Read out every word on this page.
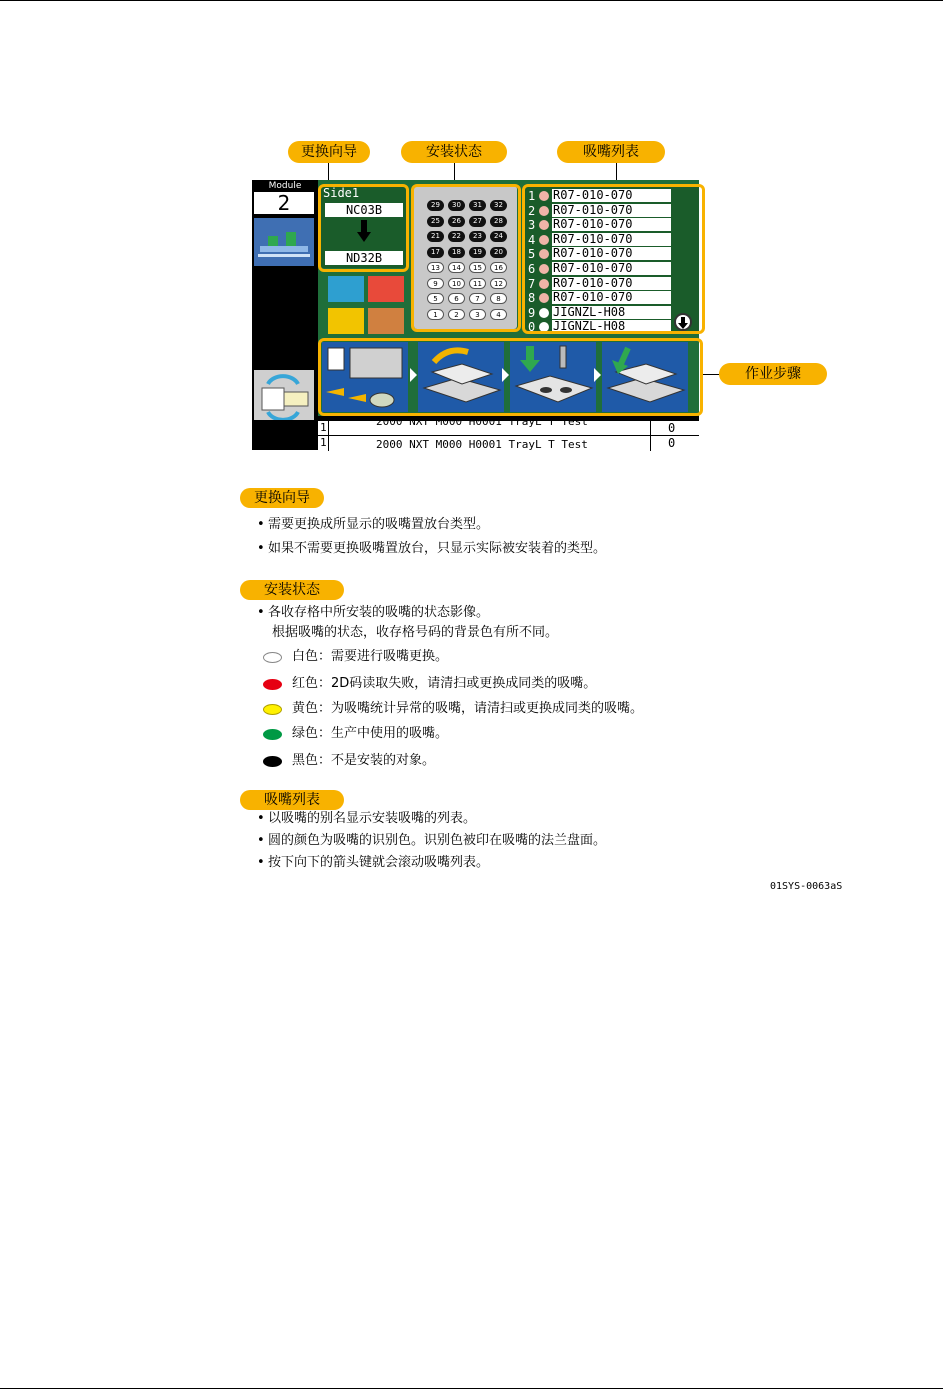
更换向导	安装状态	吸嘴列表
作业步骤
Module
2	Side1
NC03B
ND32B
29	30	31	32
25	26	27	28
21	22	23	24
17	18	19	20
13	14	15	16
9	10	11	12
5	6	7	8
1	2	3	4
1 R07-010-070
2 R07-010-070
3 R07-010-070
4 R07-010-070
5 R07-010-070
6 R07-010-070
7 R07-010-070
8 R07-010-070
9 JIGNZL-H08
0 JIGNZL-H08
1	2000 NXT M000 H0001 TrayL T Test	0
1	2000 NXT M000 H0001 TrayL T Test	0
更换向导
• 需要更换成所显示的吸嘴置放台类型。
• 如果不需要更换吸嘴置放台，只显示实际被安装着的类型。
安装状态
• 各收存格中所安装的吸嘴的状态影像。
根据吸嘴的状态，收存格号码的背景色有所不同。
白色：需要进行吸嘴更换。
红色：2D码读取失败，请清扫或更换成同类的吸嘴。
黄色：为吸嘴统计异常的吸嘴，请清扫或更换成同类的吸嘴。
绿色：生产中使用的吸嘴。
黑色：不是安装的对象。
吸嘴列表
• 以吸嘴的别名显示安装吸嘴的列表。
• 圆的颜色为吸嘴的识别色。识别色被印在吸嘴的法兰盘面。
• 按下向下的箭头键就会滚动吸嘴列表。
01SYS-0063aS
